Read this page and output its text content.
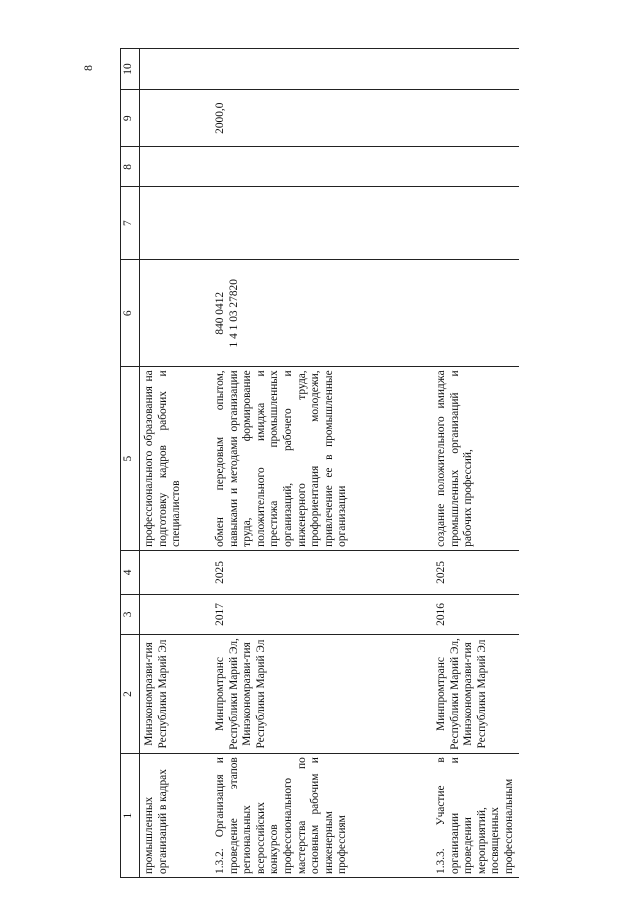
8
1	2	3	4	5	6	7	8	9	10
промышленных организаций в кадрах	Минэкономразви-тия Республики Марий Эл			профессионального образования на подготовку кадров рабочих и специалистов					
1.3.2. Организация и проведение этапов региональных всероссийских конкурсов профессионального мастерства по основным рабочим и инженерным профессиям	Минпромтранс Республики Марий Эл, Минэкономразви-тия Республики Марий Эл	2017	2025	обмен передовым опытом, навыками и методами организации труда, формирование положительного имиджа и престижа промышленных организаций, рабочего и инженерного труда, профориентация молодежи, привлечение ее в промышленные организации	840 0412 1 4 1 03 27820			2000,0	
1.3.3. Участие в организации и проведении мероприятий, посвященных профессиональным	Минпромтранс Республики Марий Эл, Минэкономразви-тия Республики Марий Эл	2016	2025	создание положительного имиджа промышленных организаций и рабочих профессий,					
